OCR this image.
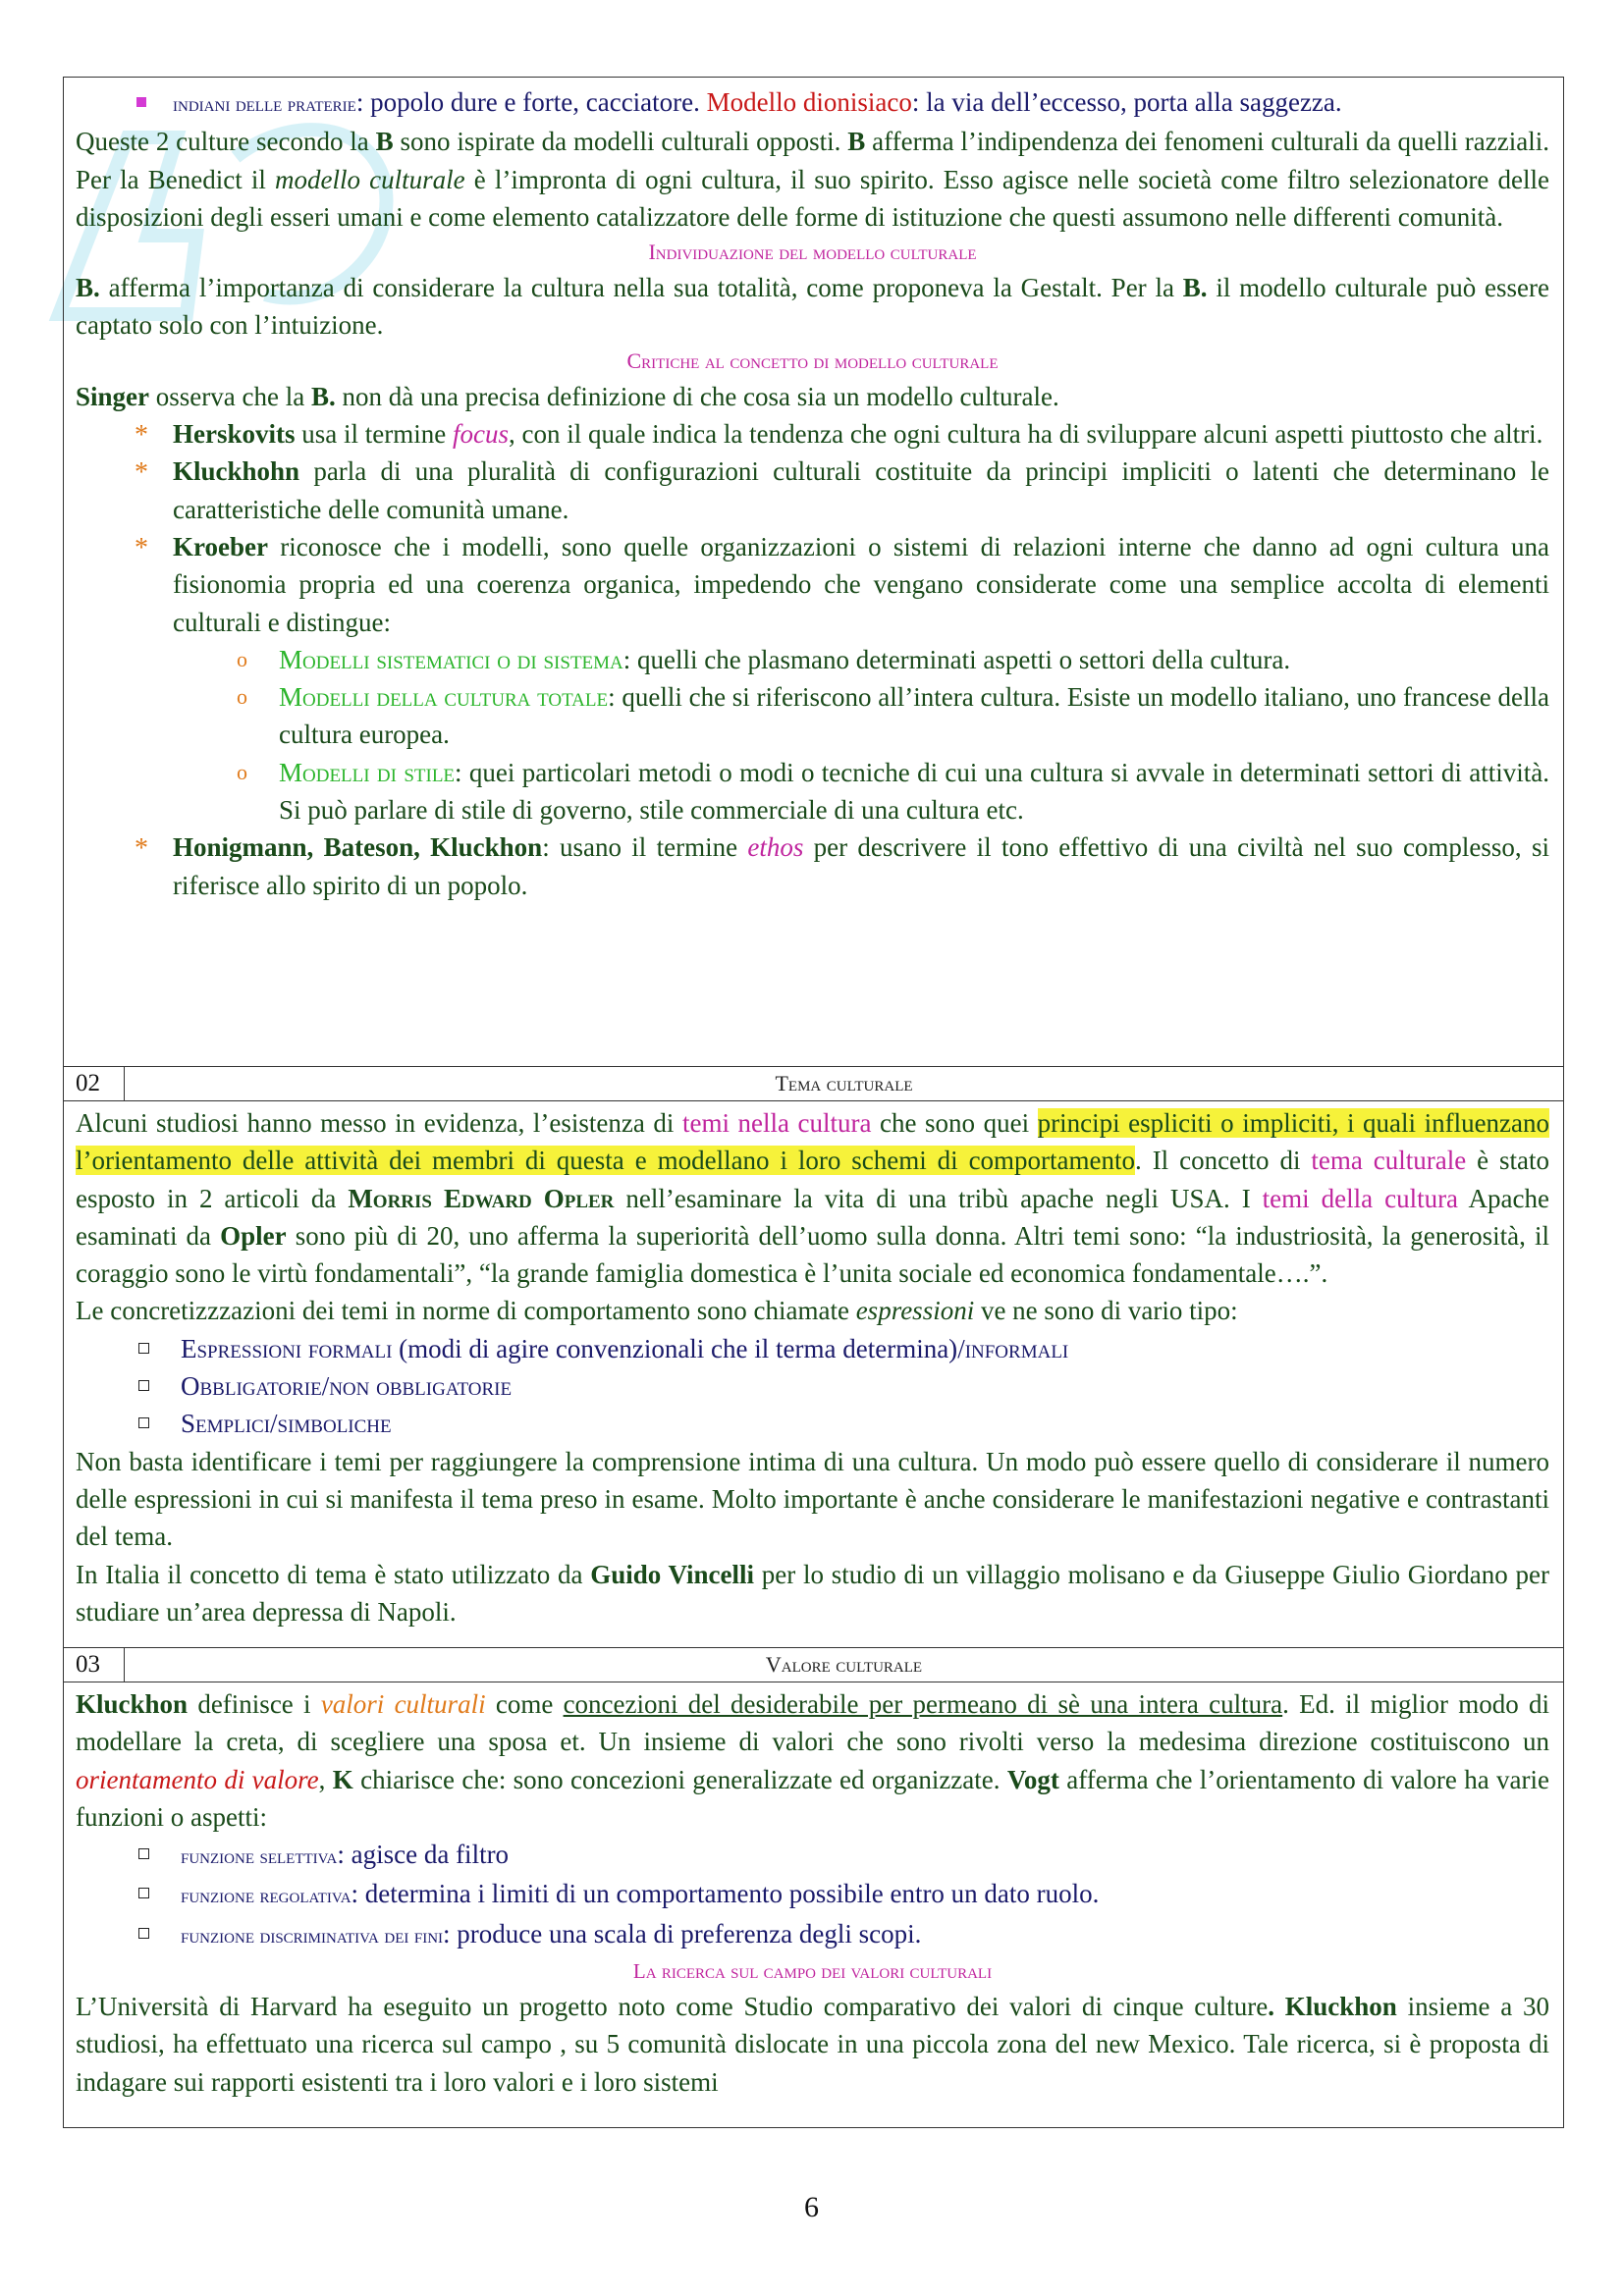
indiani delle praterie: popolo dure e forte, cacciatore. Modello dionisiaco: la via dell’eccesso, porta alla saggezza.

Queste 2 culture secondo la B sono ispirate da modelli culturali opposti. B afferma l’indipendenza dei fenomeni culturali da quelli razziali. Per la Benedict il modello culturale è l’impronta di ogni cultura, il suo spirito. Esso agisce nelle società come filtro selezionatore delle disposizioni degli esseri umani e come elemento catalizzatore delle forme di istituzione che questi assumono nelle differenti comunità.

Individuazione del modello culturale

B. afferma l’importanza di considerare la cultura nella sua totalità, come proponeva la Gestalt. Per la B. il modello culturale può essere captato solo con l’intuizione.

Critiche al concetto di modello culturale

Singer osserva che la B. non dà una precisa definizione di che cosa sia un modello culturale.

* Herskovits usa il termine focus, con il quale indica la tendenza che ogni cultura ha di sviluppare alcuni aspetti piuttosto che altri.
* Kluckhohn parla di una pluralità di configurazioni culturali costituite da principi impliciti o latenti che determinano le caratteristiche delle comunità umane.
* Kroeber riconosce che i modelli, sono quelle organizzazioni o sistemi di relazioni interne che danno ad ogni cultura una fisionomia propria ed una coerenza organica, impedendo che vengano considerate come una semplice accolta di elementi culturali e distingue:
o Modelli sistematici o di sistema: quelli che plasmano determinati aspetti o settori della cultura.
o Modelli della cultura totale: quelli che si riferiscono all’intera cultura. Esiste un modello italiano, uno francese della cultura europea.
o Modelli di stile: quei particolari metodi o modi o tecniche di cui una cultura si avvale in determinati settori di attività. Si può parlare di stile di governo, stile commerciale di una cultura etc.
* Honigmann, Bateson, Kluckhon: usano il termine ethos per descrivere il tono effettivo di una civiltà nel suo complesso, si riferisce allo spirito di un popolo.
02	Tema culturale

Alcuni studiosi hanno messo in evidenza, l’esistenza di temi nella cultura che sono quei principi espliciti o impliciti, i quali influenzano l’orientamento delle attività dei membri di questa e modellano i loro schemi di comportamento. Il concetto di tema culturale è stato esposto in 2 articoli da Morris Edward Opler nell’esaminare la vita di una tribù apache negli USA. I temi della cultura Apache esaminati da Opler sono più di 20, uno afferma la superiorità dell’uomo sulla donna. Altri temi sono: “la industriosità, la generosità, il coraggio sono le virtù fondamentali”, “la grande famiglia domestica è l’unita sociale ed economica fondamentale….”.

Le concretizzzazioni dei temi in norme di comportamento sono chiamate espressioni ve ne sono di vario tipo:

Espressioni formali (modi di agire convenzionali che il terma determina)/informali
Obbligatorie/non obbligatorie
Semplici/simboliche

Non basta identificare i temi per raggiungere la comprensione intima di una cultura. Un modo può essere quello di considerare il numero delle espressioni in cui si manifesta il tema preso in esame. Molto importante è anche considerare le manifestazioni negative e contrastanti del tema.

In Italia il concetto di tema è stato utilizzato da Guido Vincelli per lo studio di un villaggio molisano e da Giuseppe Giulio Giordano per studiare un’area depressa di Napoli.

03	Valore culturale

Kluckhon definisce i valori culturali come concezioni del desiderabile per permeano di sè una intera cultura. Ed. il miglior modo di modellare la creta, di scegliere una sposa et. Un insieme di valori che sono rivolti verso la medesima direzione costituiscono un orientamento di valore, K chiarisce che: sono concezioni generalizzate ed organizzate. Vogt afferma che l’orientamento di valore ha varie funzioni o aspetti:

funzione selettiva: agisce da filtro
funzione regolativa: determina i limiti di un comportamento possibile entro un dato ruolo.
funzione discriminativa dei fini: produce una scala di preferenza degli scopi.

La ricerca sul campo dei valori culturali

L’Università di Harvard ha eseguito un progetto noto come Studio comparativo dei valori di cinque culture. Kluckhon insieme a 30 studiosi, ha effettuato una ricerca sul campo , su 5 comunità dislocate in una piccola zona del new Mexico. Tale ricerca, si è proposta di indagare sui rapporti esistenti tra i loro valori e i loro sistemi

6
